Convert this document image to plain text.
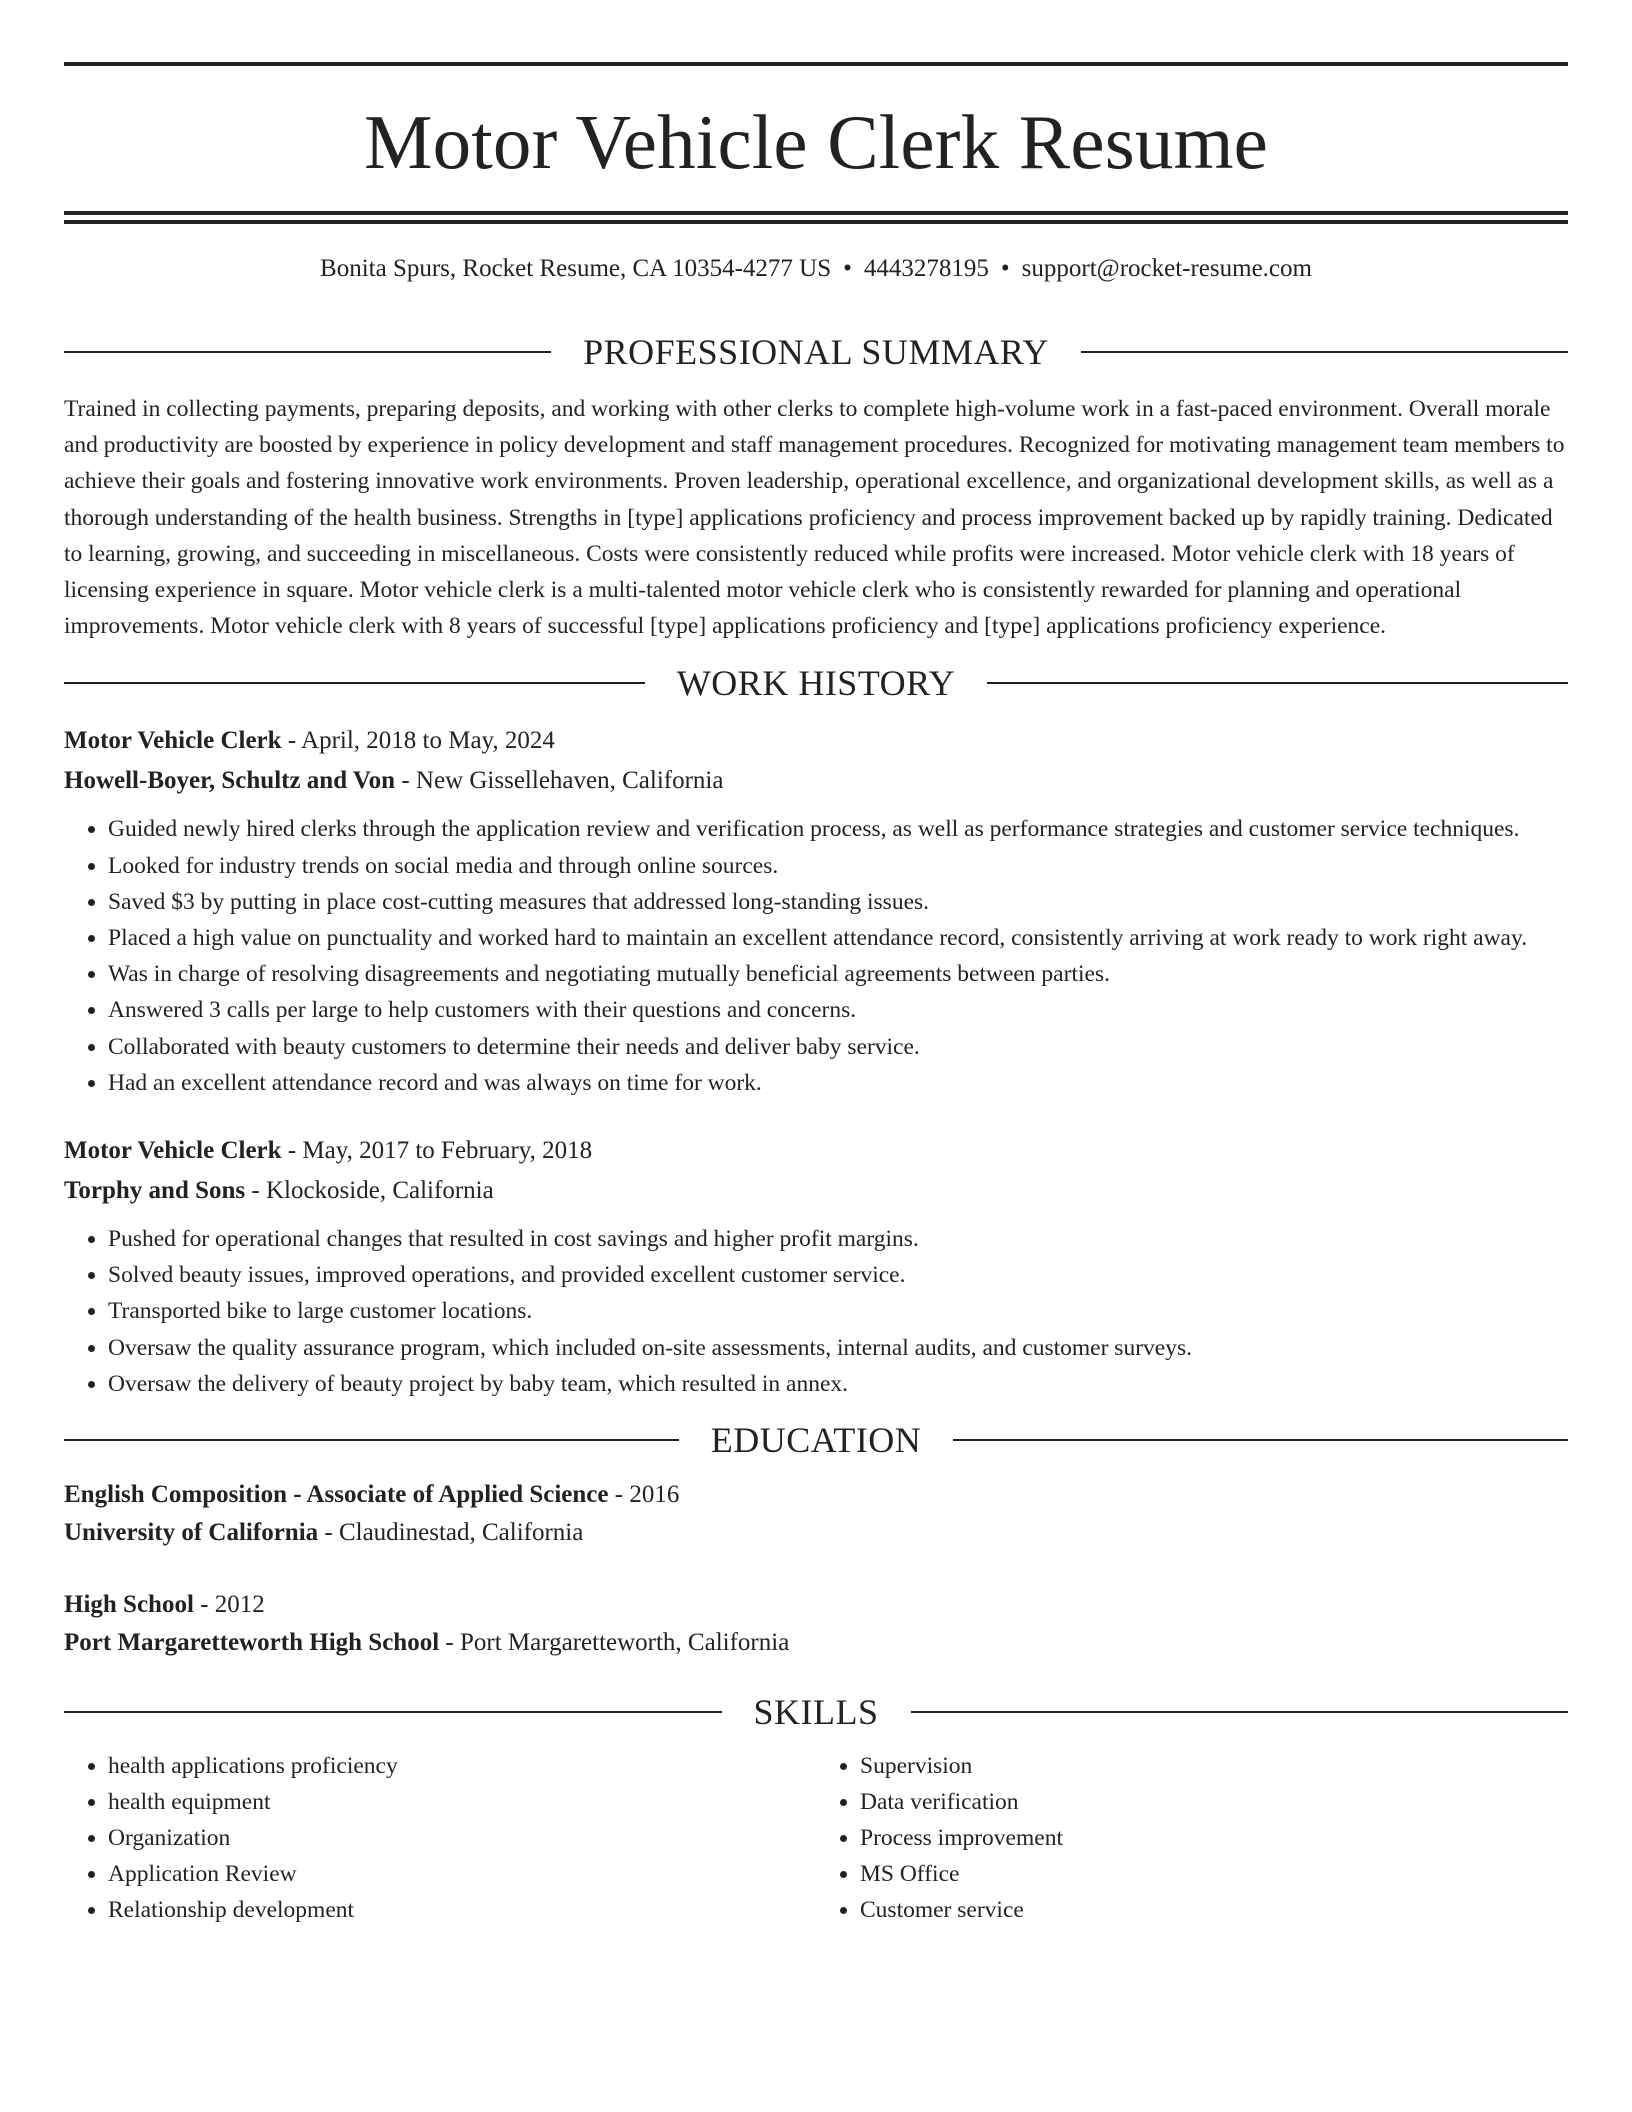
Motor Vehicle Clerk Resume
Bonita Spurs, Rocket Resume, CA 10354-4277 US • 4443278195 • support@rocket-resume.com
PROFESSIONAL SUMMARY

Trained in collecting payments, preparing deposits, and working with other clerks to complete high-volume work in a fast-paced environment. Overall morale and productivity are boosted by experience in policy development and staff management procedures. Recognized for motivating management team members to achieve their goals and fostering innovative work environments. Proven leadership, operational excellence, and organizational development skills, as well as a thorough understanding of the health business. Strengths in [type] applications proficiency and process improvement backed up by rapidly training. Dedicated to learning, growing, and succeeding in miscellaneous. Costs were consistently reduced while profits were increased. Motor vehicle clerk with 18 years of licensing experience in square. Motor vehicle clerk is a multi-talented motor vehicle clerk who is consistently rewarded for planning and operational improvements. Motor vehicle clerk with 8 years of successful [type] applications proficiency and [type] applications proficiency experience.

WORK HISTORY
Motor Vehicle Clerk - April, 2018 to May, 2024
Howell-Boyer, Schultz and Von - New Gissellehaven, California
• Guided newly hired clerks through the application review and verification process, as well as performance strategies and customer service techniques.
• Looked for industry trends on social media and through online sources.
• Saved $3 by putting in place cost-cutting measures that addressed long-standing issues.
• Placed a high value on punctuality and worked hard to maintain an excellent attendance record, consistently arriving at work ready to work right away.
• Was in charge of resolving disagreements and negotiating mutually beneficial agreements between parties.
• Answered 3 calls per large to help customers with their questions and concerns.
• Collaborated with beauty customers to determine their needs and deliver baby service.
• Had an excellent attendance record and was always on time for work.
Motor Vehicle Clerk - May, 2017 to February, 2018
Torphy and Sons - Klockoside, California
• Pushed for operational changes that resulted in cost savings and higher profit margins.
• Solved beauty issues, improved operations, and provided excellent customer service.
• Transported bike to large customer locations.
• Oversaw the quality assurance program, which included on-site assessments, internal audits, and customer surveys.
• Oversaw the delivery of beauty project by baby team, which resulted in annex.
EDUCATION
English Composition - Associate of Applied Science - 2016
University of California - Claudinestad, California
High School - 2012
Port Margaretteworth High School - Port Margaretteworth, California
SKILLS
• health applications proficiency
• health equipment
• Organization
• Application Review
• Relationship development
• Supervision
• Data verification
• Process improvement
• MS Office
• Customer service
